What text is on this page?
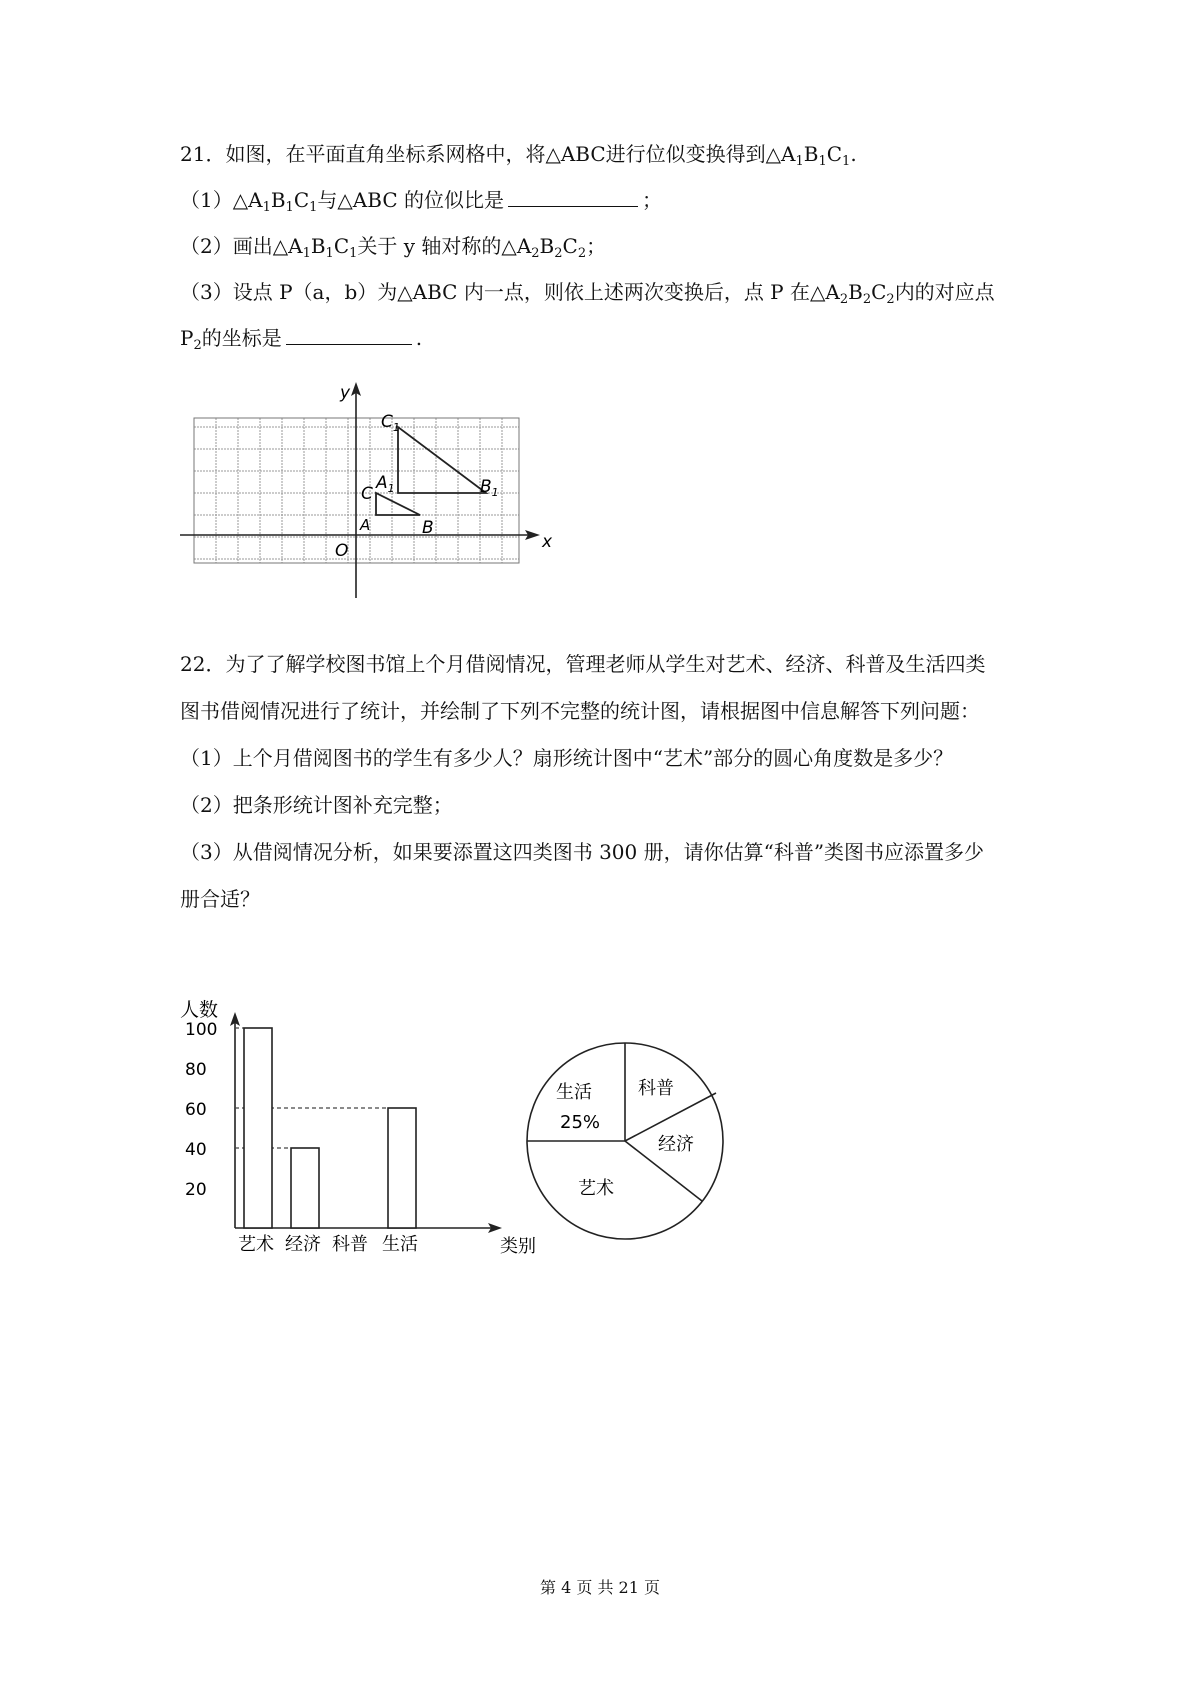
21．如图，在平面直角坐标系网格中，将△ABC进行位似变换得到$\triangle A_1B_1C_1$.
$(1)\triangle A_1B_1C_1$与△ABC 的位似比是	；
（2）画出$\triangle A_1B_1C_1$关于 y 轴对称的$\triangle A_2B_2C_2$；
（3）设点 P（a，b）为△ABC 内一点，则依上述两次变换后，点 P 在$\triangle A_2B_2C_2$内的对应点
$P_2$的坐标是	.
x
y
O
A	B
C
$A_1$
$C_1$
$B_1$
22．为了了解学校图书馆上个月借阅情况，管理老师从学生对艺术、经济、科普及生活四类
图书借阅情况进行了统计，并绘制了下列不完整的统计图，请根据图中信息解答下列问题：
（1）上个月借阅图书的学生有多少人？扇形统计图中“艺术”部分的圆心角度数是多少？
（2）把条形统计图补充完整；
（3）从借阅情况分析，如果要添置这四类图书 300 册，请你估算“科普”类图书应添置多少
册合适？
人数
类别
20
40
60
80
100
艺术 经济 科普 生活
生活
25%
科普
经济
艺术
第 4 页 共 21 页
